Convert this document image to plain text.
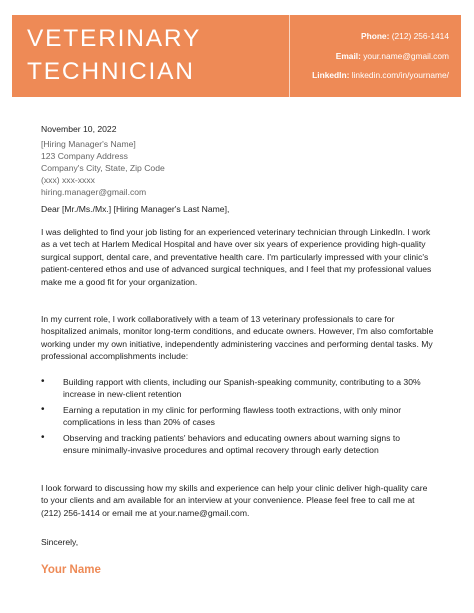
VETERINARY
TECHNICIAN
Phone: (212) 256-1414
Email: your.name@gmail.com
LinkedIn: linkedin.com/in/yourname/
November 10, 2022
[Hiring Manager's Name]
123 Company Address
Company's City, State, Zip Code
(xxx) xxx-xxxx
hiring.manager@gmail.com
Dear [Mr./Ms./Mx.] [Hiring Manager's Last Name],
I was delighted to find your job listing for an experienced veterinary technician through LinkedIn. I work as a vet tech at Harlem Medical Hospital and have over six years of experience providing high-quality surgical support, dental care, and preventative health care. I'm particularly impressed with your clinic's patient-centered ethos and use of advanced surgical techniques, and I feel that my professional values make me a good fit for your organization.
In my current role, I work collaboratively with a team of 13 veterinary professionals to care for hospitalized animals, monitor long-term conditions, and educate owners. However, I'm also comfortable working under my own initiative, independently administering vaccines and performing dental tasks. My professional accomplishments include:
• Building rapport with clients, including our Spanish-speaking community, contributing to a 30% increase in new-client retention
• Earning a reputation in my clinic for performing flawless tooth extractions, with only minor complications in less than 20% of cases
• Observing and tracking patients' behaviors and educating owners about warning signs to ensure minimally-invasive procedures and optimal recovery through early detection
I look forward to discussing how my skills and experience can help your clinic deliver high-quality care to your clients and am available for an interview at your convenience. Please feel free to call me at (212) 256-1414 or email me at your.name@gmail.com.
Sincerely,
Your Name
